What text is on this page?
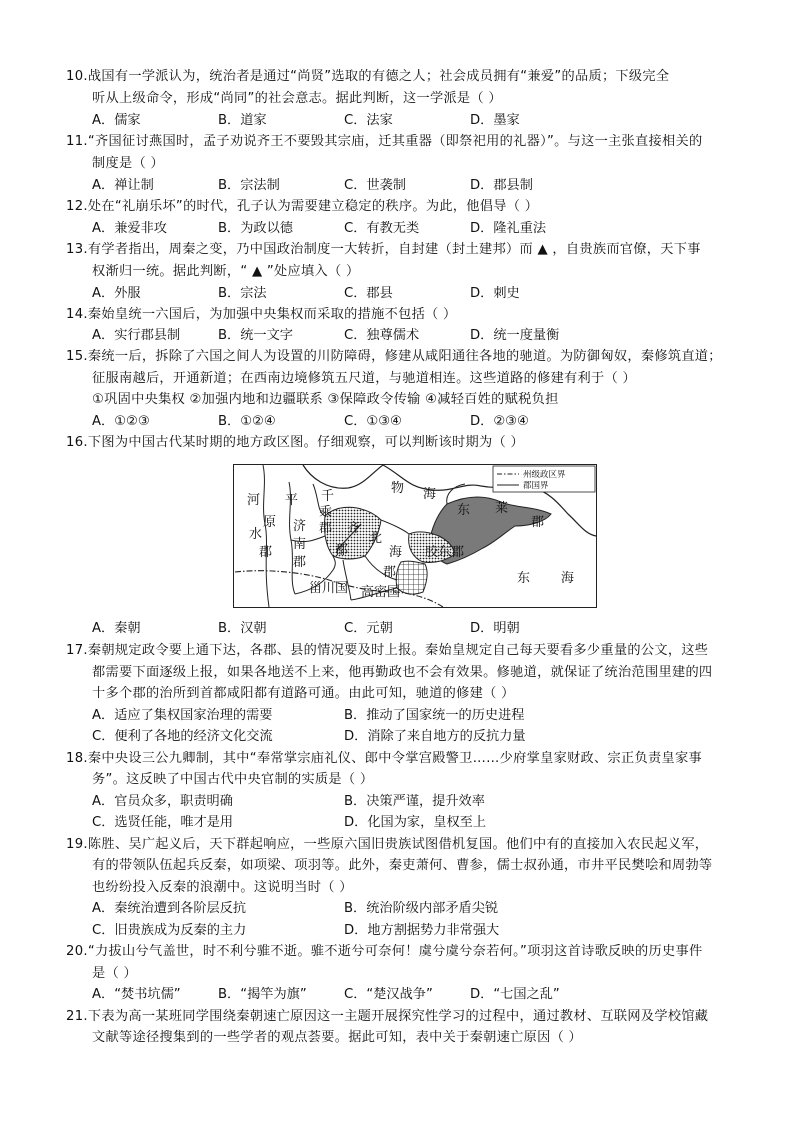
10.战国有一学派认为，统治者是通过“尚贤”选取的有德之人；社会成员拥有“兼爱”的品质；下级完全
听从上级命令，形成“尚同”的社会意志。据此判断，这一学派是（ ）
A．儒家	B．道家	C．法家	D．墨家
11.“齐国征讨燕国时，孟子劝说齐王不要毁其宗庙，迁其重器（即祭祀用的礼器）”。与这一主张直接相关的
制度是（ ）
A．禅让制	B．宗法制	C．世袭制	D．郡县制
12.处在“礼崩乐坏”的时代，孔子认为需要建立稳定的秩序。为此，他倡导（ ）
A．兼爱非攻	B．为政以德	C．有教无类	D．隆礼重法
13.有学者指出，周秦之变，乃中国政治制度一大转折，自封建（封土建邦）而 ▲ ，自贵族而官僚，天下事
权渐归一统。据此判断，“ ▲ ”处应填入（ ）
A．外服	B．宗法	C．郡县	D．刺史
14.秦始皇统一六国后，为加强中央集权而采取的措施不包括（ ）
A．实行郡县制	B．统一文字	C．独尊儒术	D．统一度量衡
15.秦统一后，拆除了六国之间人为设置的川防障碍，修建从咸阳通往各地的驰道。为防御匈奴，秦修筑直道；
征服南越后，开通新道；在西南边境修筑五尺道，与驰道相连。这些道路的修建有利于（ ）
①巩固中央集权 ②加强内地和边疆联系 ③保障政令传输 ④减轻百姓的赋税负担
A．①②③	B．①②④	C．①③④	D．②③④
16.下图为中国古代某时期的地方政区图。仔细观察，可以判断该时期为（ ）
州级政区界
郡国界
河 平
原
水
郡
济
南
郡
千
乘
郡
物 海
齐
郡
北
海
郡
东 莱
郡
胶东郡
甾川国 高密国
东 海
A．秦朝	B．汉朝	C．元朝	D．明朝
17.秦朝规定政令要上通下达，各郡、县的情况要及时上报。秦始皇规定自己每天要看多少重量的公文，这些
都需要下面逐级上报，如果各地送不上来，他再勤政也不会有效果。修驰道，就保证了统治范围里建的四
十多个郡的治所到首都咸阳都有道路可通。由此可知，驰道的修建（ ）
A．适应了集权国家治理的需要	B．推动了国家统一的历史进程
C．便利了各地的经济文化交流	D．消除了来自地方的反抗力量
18.秦中央设三公九卿制，其中“奉常掌宗庙礼仪、郎中令掌宫殿警卫……少府掌皇家财政、宗正负责皇家事
务”。这反映了中国古代中央官制的实质是（ ）
A．官员众多，职责明确	B．决策严谨，提升效率
C．选贤任能，唯才是用	D．化国为家，皇权至上
19.陈胜、吴广起义后，天下群起响应，一些原六国旧贵族试图借机复国。他们中有的直接加入农民起义军，
有的带领队伍起兵反秦，如项梁、项羽等。此外，秦吏萧何、曹参，儒士叔孙通，市井平民樊哙和周勃等
也纷纷投入反秦的浪潮中。这说明当时（ ）
A．秦统治遭到各阶层反抗	B．统治阶级内部矛盾尖锐
C．旧贵族成为反秦的主力	D．地方割据势力非常强大
20.“力拔山兮气盖世，时不利兮骓不逝。骓不逝兮可奈何！虞兮虞兮奈若何。”项羽这首诗歌反映的历史事件
是（ ）
A．“焚书坑儒”	B．“揭竿为旗”	C．“楚汉战争”	D．“七国之乱”
21.下表为高一某班同学围绕秦朝速亡原因这一主题开展探究性学习的过程中，通过教材、互联网及学校馆藏
文献等途径搜集到的一些学者的观点荟要。据此可知，表中关于秦朝速亡原因（ ）
